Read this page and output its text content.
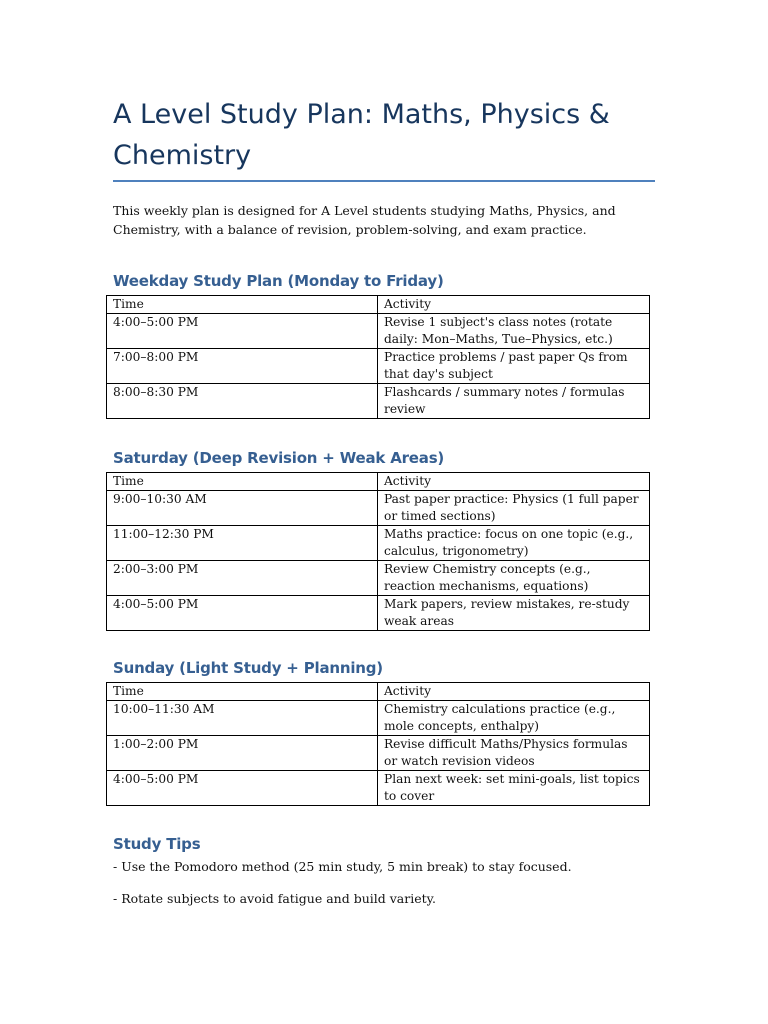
A Level Study Plan: Maths, Physics & Chemistry

This weekly plan is designed for A Level students studying Maths, Physics, and Chemistry, with a balance of revision, problem-solving, and exam practice.

Weekday Study Plan (Monday to Friday)
Time	Activity
4:00–5:00 PM	Revise 1 subject's class notes (rotate daily: Mon–Maths, Tue–Physics, etc.)
7:00–8:00 PM	Practice problems / past paper Qs from that day's subject
8:00–8:30 PM	Flashcards / summary notes / formulas review
Saturday (Deep Revision + Weak Areas)
Time	Activity
9:00–10:30 AM	Past paper practice: Physics (1 full paper or timed sections)
11:00–12:30 PM	Maths practice: focus on one topic (e.g., calculus, trigonometry)
2:00–3:00 PM	Review Chemistry concepts (e.g., reaction mechanisms, equations)
4:00–5:00 PM	Mark papers, review mistakes, re-study weak areas
Sunday (Light Study + Planning)
Time	Activity
10:00–11:30 AM	Chemistry calculations practice (e.g., mole concepts, enthalpy)
1:00–2:00 PM	Revise difficult Maths/Physics formulas or watch revision videos
4:00–5:00 PM	Plan next week: set mini-goals, list topics to cover
Study Tips

- Use the Pomodoro method (25 min study, 5 min break) to stay focused.

- Rotate subjects to avoid fatigue and build variety.
